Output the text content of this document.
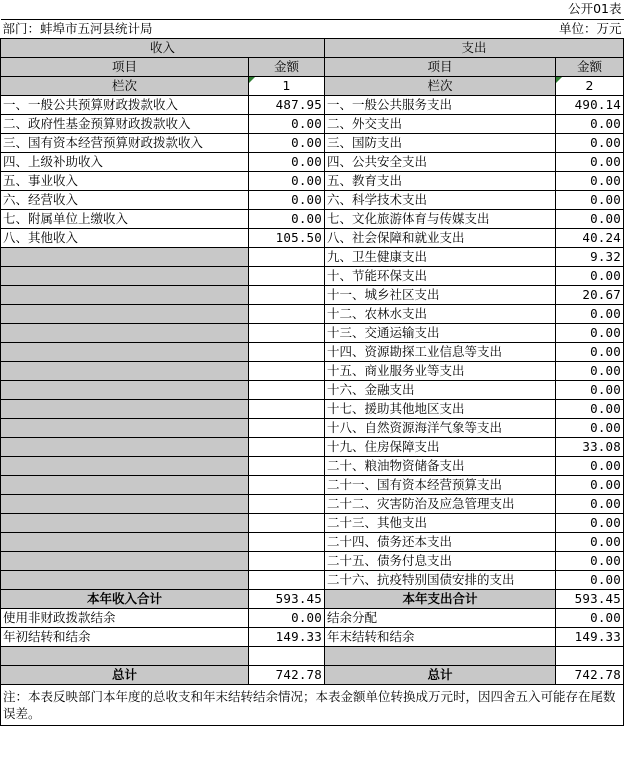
			公开01表
部门：蚌埠市五河县统计局			单位：万元
收入		支出	
项目	金额	项目	金额
栏次	1	栏次	2
一、一般公共预算财政拨款收入	487.95	一、一般公共服务支出	490.14
二、政府性基金预算财政拨款收入	0.00	二、外交支出	0.00
三、国有资本经营预算财政拨款收入	0.00	三、国防支出	0.00
四、上级补助收入	0.00	四、公共安全支出	0.00
五、事业收入	0.00	五、教育支出	0.00
六、经营收入	0.00	六、科学技术支出	0.00
七、附属单位上缴收入	0.00	七、文化旅游体育与传媒支出	0.00
八、其他收入	105.50	八、社会保障和就业支出	40.24
		九、卫生健康支出	9.32
		十、节能环保支出	0.00
		十一、城乡社区支出	20.67
		十二、农林水支出	0.00
		十三、交通运输支出	0.00
		十四、资源勘探工业信息等支出	0.00
		十五、商业服务业等支出	0.00
		十六、金融支出	0.00
		十七、援助其他地区支出	0.00
		十八、自然资源海洋气象等支出	0.00
		十九、住房保障支出	33.08
		二十、粮油物资储备支出	0.00
		二十一、国有资本经营预算支出	0.00
		二十二、灾害防治及应急管理支出	0.00
		二十三、其他支出	0.00
		二十四、债务还本支出	0.00
		二十五、债务付息支出	0.00
		二十六、抗疫特别国债安排的支出	0.00
本年收入合计	593.45	本年支出合计	593.45
使用非财政拨款结余	0.00	结余分配	0.00
年初结转和结余	149.33	年末结转和结余	149.33

总计	742.78	总计	742.78
注：本表反映部门本年度的总收支和年末结转结余情况；本表金额单位转换成万元时，因四舍五入可能存在尾数误差。			
